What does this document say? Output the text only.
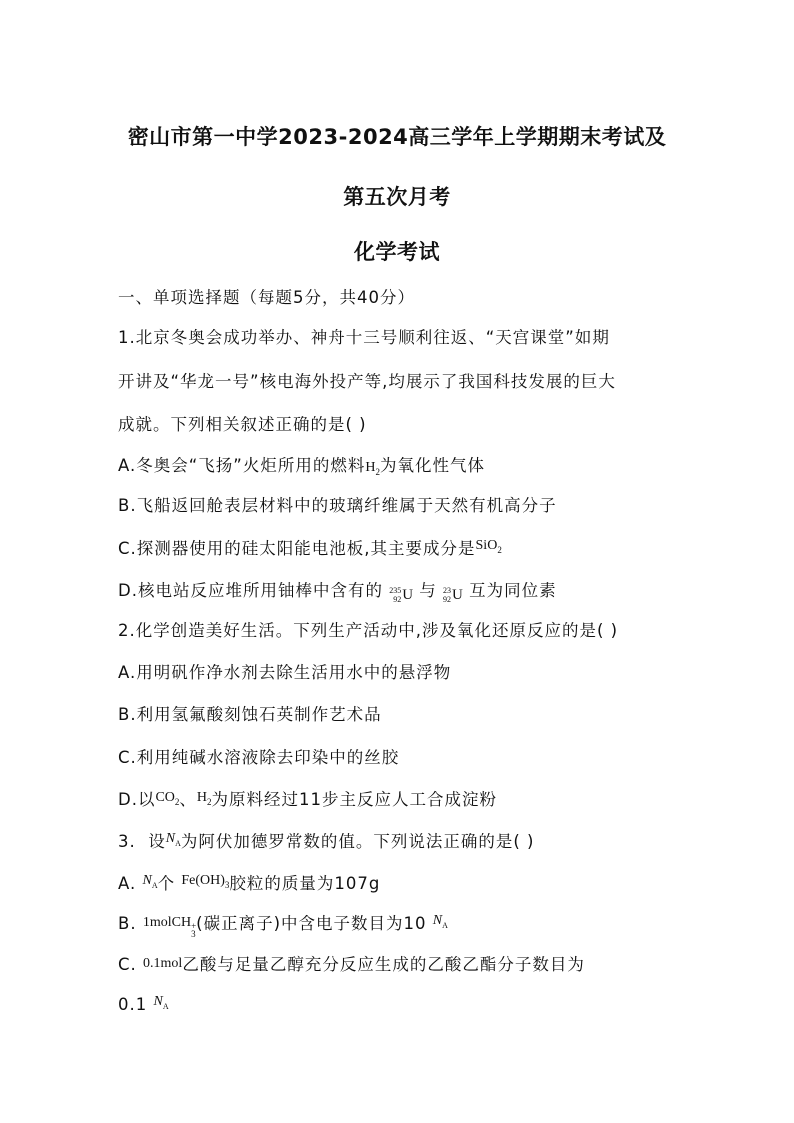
密山市第一中学2023-2024高三学年上学期期末考试及
第五次月考
化学考试
一、单项选择题（每题5分，共40分）
1.北京冬奥会成功举办、神舟十三号顺利往返、“天宫课堂”如期
开讲及“华龙一号”核电海外投产等,均展示了我国科技发展的巨大
成就。下列相关叙述正确的是( )
A.冬奥会“飞扬”火炬所用的燃料$H_2$为氧化性气体
B.飞船返回舱表层材料中的玻璃纤维属于天然有机高分子
C.探测器使用的硅太阳能电池板,其主要成分是$^{SiO_2}$
D.核电站反应堆所用铀棒中含有的 235
92 U 与 23
92 U 互为同位素
2.化学创造美好生活。下列生产活动中,涉及氧化还原反应的是( )
A.用明矾作净水剂去除生活用水中的悬浮物
B.利用氢氟酸刻蚀石英制作艺术品
C.利用纯碱水溶液除去印染中的丝胶
D.以$^{CO_2}$、$^{H_2}$为原料经过11步主反应人工合成淀粉
3.  设$^{N_A}$为阿伏加德罗常数的值。下列说法正确的是( )
A. $^{N_A}$个 $^{Fe(OH)_3}$胶粒的质量为107g
B. 1molCH +
3
(碳正离子)中含电子数目为10 $^{N_A}$
C. 0.1mol乙酸与足量乙醇充分反应生成的乙酸乙酯分子数目为
0.1 $^{N_A}$
